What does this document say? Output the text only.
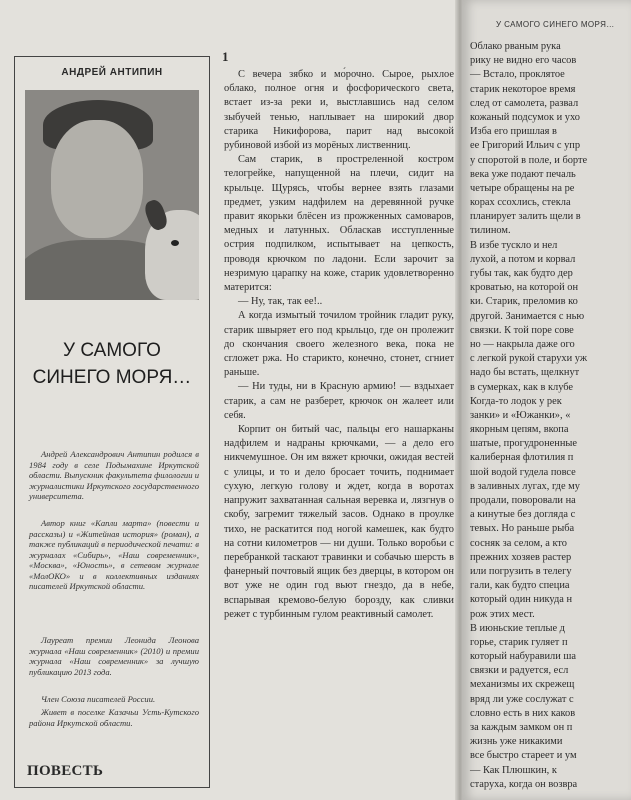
АНДРЕЙ АНТИПИН
У САМОГО
СИНЕГО МОРЯ…

Андрей Александрович Антипин родился в 1984 году в селе Подымахине Иркутской области. Выпускник факультета филологии и журналистики Иркутского государственного университета.

Автор книг «Капли марта» (повести и рассказы) и «Житейная история» (роман), а также публикаций в периодической печати: в журналах «Сибирь», «Наш современник», «Москва», «Юность», в сетевом журнале «МолОКО» и в коллективных изданиях писателей Иркутской области.

Лауреат премии Леонида Леонова журнала «Наш современник» (2010) и премии журнала «Наш современник» за лучшую публикацию 2013 года.

Член Союза писателей России.

Живет в поселке Казачьи Усть-Кутского района Иркутской области.

ПОВЕСТЬ
1

С вечера зябко и мо́рочно. Сырое, рыхлое облако, полное огня и фосфорического света, встает из-за реки и, выстлавшись над селом зыбучей тенью, наплывает на широкий двор старика Никифорова, парит над высокой рубиновой избой из морёных лиственниц.

Сам старик, в простреленной костром телогрейке, напущенной на плечи, сидит на крыльце. Щурясь, чтобы вернее взять глазами предмет, узким надфилем на деревянной ручке правит якорьки блёсен из прожженных самоваров, медных и латунных. Обласкав исступленные острия подпилком, испытывает на цепкость, проводя крючком по ладони. Если зарочит за незримую царапку на коже, старик удовлетворенно матерится:

— Ну, так, так ее!..

А когда измытый точилом тройник гладит руку, старик швыряет его под крыльцо, где он пролежит до скончания своего железного века, пока не сгложет ржа. Но старикто, конечно, стонет, сгниет раньше.

— Ни туды, ни в Красную армию! — вздыхает старик, а сам не разберет, крючок он жалеет или себя.

Корпит он битый час, пальцы его нашарканы надфилем и надраны крючками, — а дело его никчемушное. Он им вяжет крючки, ожидая вестей с улицы, и то и дело бросает точить, поднимает сухую, легкую голову и ждет, когда в воротах напружит захватанная сальная веревка и, лязгнув о скобу, загремит тяжелый засов. Однако в проулке тихо, не раскатится под ногой камешек, как будто на сотни километров — ни души. Только воробьи с перебранкой таскают травинки и собачью шерсть в фанерный почтовый ящик без дверцы, в котором он вот уже не один год вьют гнездо, да в небе, вспарывая кремово-белую борозду, как сливки режет с турбинным гулом реактивный самолет.

У САМОГО СИНЕГО МОРЯ…
Облако рваным рука
рику не видно его часов
— Встало, проклятое
старик некоторое время
след от самолета, развал
кожаный подсумок и ухо
Изба его пришлая в
ее Григорий Ильич с упр
у споротой в поле, и борте
века уже подают печаль
четыре обращены на ре
корах ссохлись, стекла
планирует залить щели в
тилином.
В избе тускло и нел
лухой, а потом и корвал
губы так, как будто дер
кроватью, на которой он
ки. Старик, преломив ко
другой. Занимается с нью
связки. К той поре сове
но — накрыла даже ого
с легкой рукой старухи уж
надо бы встать, щелкнут
в сумерках, как в клубе
Когда-то лодок у рек
занки» и «Южанки», «
якорным цепям, вкопа
шатые, прогудроненные
калиберная флотилия п
шой водой гудела повсе
в заливных лугах, где му
продали, поворовали на
а кинутые без догляда с
тевых. Но раньше рыба
сосняк за селом, а кто
прежних хозяев растер
или погрузить в телегу
гали, как будто специа
который один никуда н
рож этих мест.
В июньские теплые д
горье, старик гуляет п
который набуравили ша
связки и радуется, есл
механизмы их скрежещ
вряд ли уже сослужат с
словно есть в них каков
за каждым замком он п
жизнь уже никакими
все быстро стареет и ум
— Как Плюшкин, к
старуха, когда он возвра
